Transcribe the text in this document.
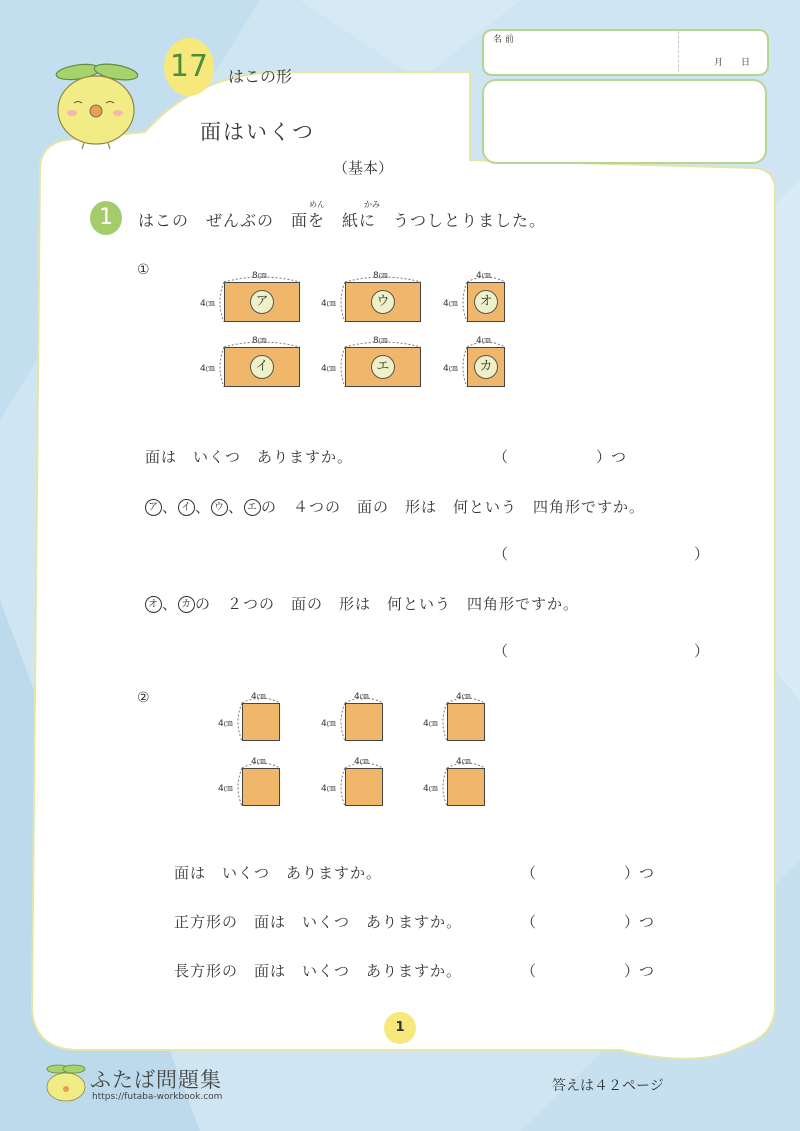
17	はこの形
面はいくつ
（基本）
名 前
月 日
1	はこの　ぜんぶの　面を　紙に　うつしとりました。
めん	かみ
①
ア
8㎝
4㎝	ウ
8㎝
4㎝	オ
4㎝
4㎝
イ
8㎝
4㎝	エ
8㎝
4㎝	カ
4㎝
4㎝
面は　いくつ　ありますか。	（	）つ
ア 、 イ 、 ウ 、 エ の　４つの　面の　形は　何という　四角形ですか。
（	）
オ 、 カ の　２つの　面の　形は　何という　四角形ですか。
（	）
②	4㎝
4㎝
4㎝
4㎝
4㎝
4㎝
4㎝
4㎝
4㎝
4㎝
4㎝
4㎝
面は　いくつ　ありますか。	（	）つ
正方形の　面は　いくつ　ありますか。	（	）つ
長方形の　面は　いくつ　ありますか。	（	）つ
1
ふたば問題集
https://futaba-workbook.com
答えは４２ページ
